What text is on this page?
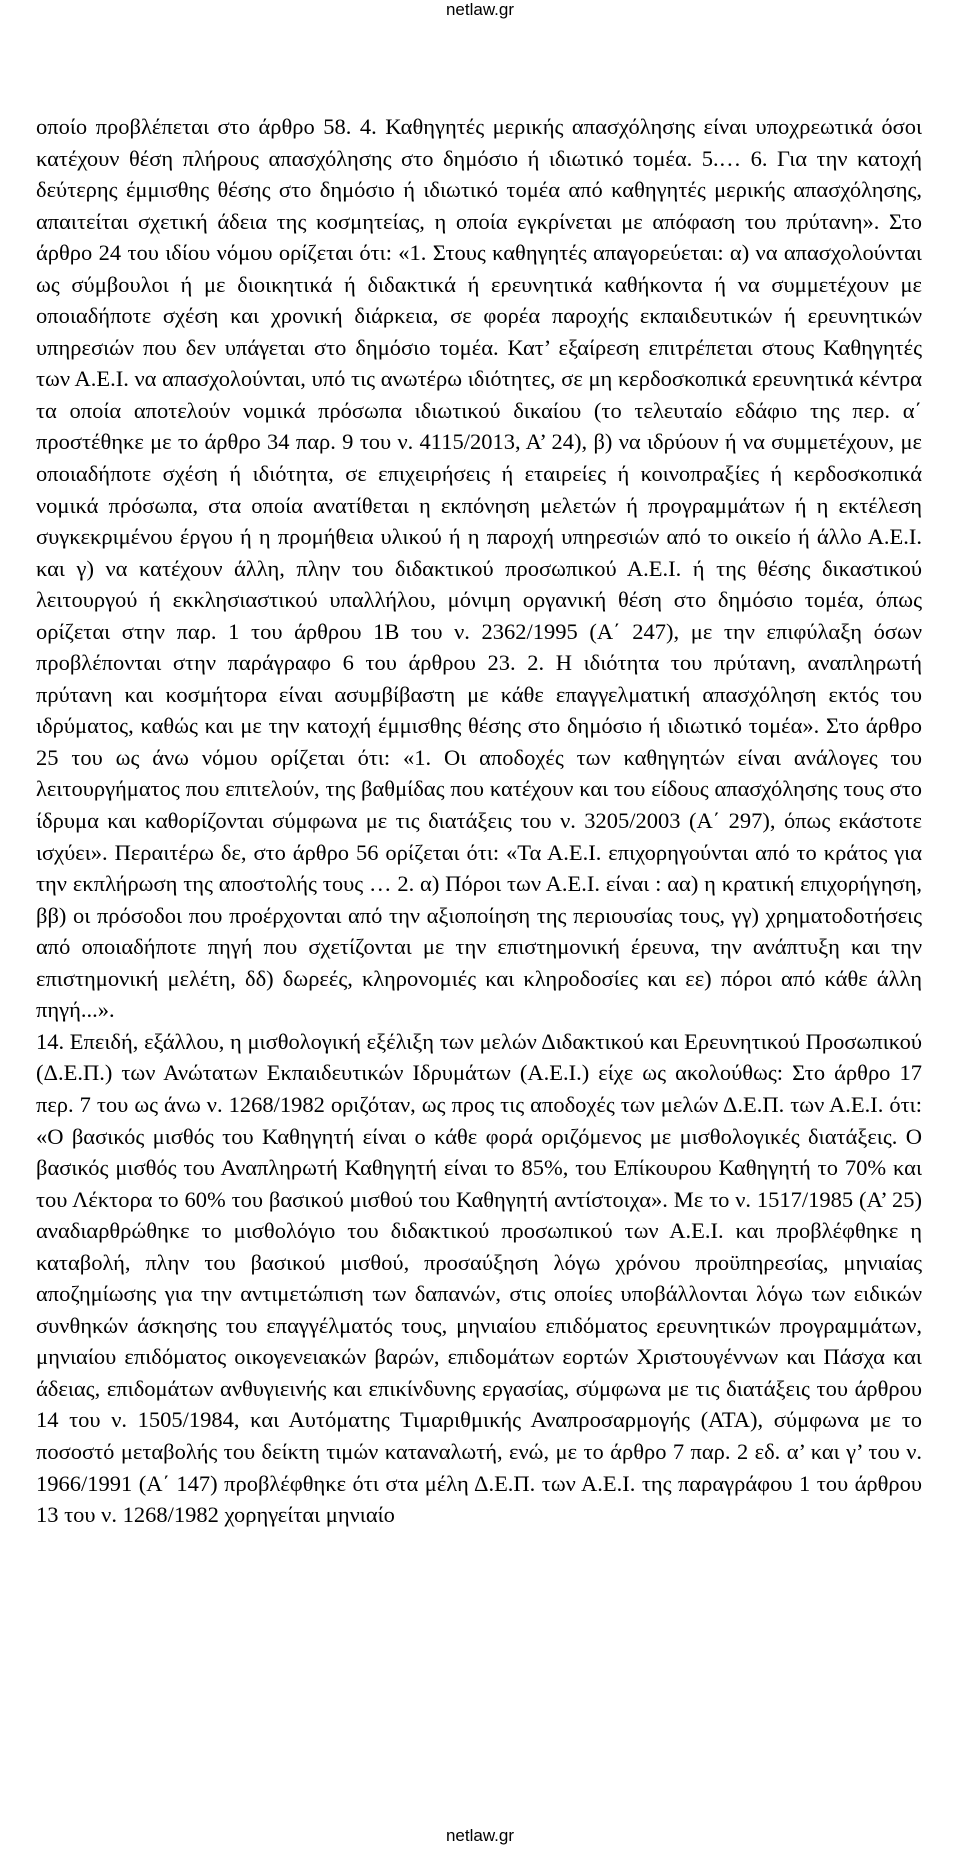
netlaw.gr

οποίο προβλέπεται στο άρθρο 58. 4. Καθηγητές μερικής απασχόλησης είναι υποχρεωτικά όσοι κατέχουν θέση πλήρους απασχόλησης στο δημόσιο ή ιδιωτικό τομέα. 5.… 6. Για την κατοχή δεύτερης έμμισθης θέσης στο δημόσιο ή ιδιωτικό τομέα από καθηγητές μερικής απασχόλησης, απαιτείται σχετική άδεια της κοσμητείας, η οποία εγκρίνεται με απόφαση του πρύτανη». Στο άρθρο 24 του ιδίου νόμου ορίζεται ότι: «1. Στους καθηγητές απαγορεύεται: α) να απασχολούνται ως σύμβουλοι ή με διοικητικά ή διδακτικά ή ερευνητικά καθήκοντα ή να συμμετέχουν με οποιαδήποτε σχέση και χρονική διάρκεια, σε φορέα παροχής εκπαιδευτικών ή ερευνητικών υπηρεσιών που δεν υπάγεται στο δημόσιο τομέα. Κατ’ εξαίρεση επιτρέπεται στους Καθηγητές των Α.Ε.Ι. να απασχολούνται, υπό τις ανωτέρω ιδιότητες, σε μη κερδοσκοπικά ερευνητικά κέντρα τα οποία αποτελούν νομικά πρόσωπα ιδιωτικού δικαίου (το τελευταίο εδάφιο της περ. α΄ προστέθηκε με το άρθρο 34 παρ. 9 του ν. 4115/2013, Α’ 24), β) να ιδρύουν ή να συμμετέχουν, με οποιαδήποτε σχέση ή ιδιότητα, σε επιχειρήσεις ή εταιρείες ή κοινοπραξίες ή κερδοσκοπικά νομικά πρόσωπα, στα οποία ανατίθεται η εκπόνηση μελετών ή προγραμμάτων ή η εκτέλεση συγκεκριμένου έργου ή η προμήθεια υλικού ή η παροχή υπηρεσιών από το οικείο ή άλλο Α.Ε.Ι. και γ) να κατέχουν άλλη, πλην του διδακτικού προσωπικού Α.Ε.Ι. ή της θέσης δικαστικού λειτουργού ή εκκλησιαστικού υπαλλήλου, μόνιμη οργανική θέση στο δημόσιο τομέα, όπως ορίζεται στην παρ. 1 του άρθρου 1Β του ν. 2362/1995 (Α΄ 247), με την επιφύλαξη όσων προβλέπονται στην παράγραφο 6 του άρθρου 23. 2. Η ιδιότητα του πρύτανη, αναπληρωτή πρύτανη και κοσμήτορα είναι ασυμβίβαστη με κάθε επαγγελματική απασχόληση εκτός του ιδρύματος, καθώς και με την κατοχή έμμισθης θέσης στο δημόσιο ή ιδιωτικό τομέα». Στο άρθρο 25 του ως άνω νόμου ορίζεται ότι: «1. Οι αποδοχές των καθηγητών είναι ανάλογες του λειτουργήματος που επιτελούν, της βαθμίδας που κατέχουν και του είδους απασχόλησης τους στο ίδρυμα και καθορίζονται σύμφωνα με τις διατάξεις του ν. 3205/2003 (Α΄ 297), όπως εκάστοτε ισχύει». Περαιτέρω δε, στο άρθρο 56 ορίζεται ότι: «Τα Α.Ε.Ι. επιχορηγούνται από το κράτος για την εκπλήρωση της αποστολής τους … 2. α) Πόροι των Α.Ε.Ι. είναι : αα) η κρατική επιχορήγηση, ββ) οι πρόσοδοι που προέρχονται από την αξιοποίηση της περιουσίας τους, γγ) χρηματοδοτήσεις από οποιαδήποτε πηγή που σχετίζονται με την επιστημονική έρευνα, την ανάπτυξη και την επιστημονική μελέτη, δδ) δωρεές, κληρονομιές και κληροδοσίες και εε) πόροι από κάθε άλλη πηγή...».

14. Επειδή, εξάλλου, η μισθολογική εξέλιξη των μελών Διδακτικού και Ερευνητικού Προσωπικού (Δ.Ε.Π.) των Ανώτατων Εκπαιδευτικών Ιδρυμάτων (Α.Ε.Ι.) είχε ως ακολούθως: Στο άρθρο 17 περ. 7 του ως άνω ν. 1268/1982 οριζόταν, ως προς τις αποδοχές των μελών Δ.Ε.Π. των Α.Ε.Ι. ότι: «Ο βασικός μισθός του Καθηγητή είναι ο κάθε φορά οριζόμενος με μισθολογικές διατάξεις. Ο βασικός μισθός του Αναπληρωτή Καθηγητή είναι το 85%, του Επίκουρου Καθηγητή το 70% και του Λέκτορα το 60% του βασικού μισθού του Καθηγητή αντίστοιχα». Με το ν. 1517/1985 (Α’ 25) αναδιαρθρώθηκε το μισθολόγιο του διδακτικού προσωπικού των Α.Ε.Ι. και προβλέφθηκε η καταβολή, πλην του βασικού μισθού, προσαύξηση λόγω χρόνου προϋπηρεσίας, μηνιαίας αποζημίωσης για την αντιμετώπιση των δαπανών, στις οποίες υποβάλλονται λόγω των ειδικών συνθηκών άσκησης του επαγγέλματός τους, μηνιαίου επιδόματος ερευνητικών προγραμμάτων, μηνιαίου επιδόματος οικογενειακών βαρών, επιδομάτων εορτών Χριστουγέννων και Πάσχα και άδειας, επιδομάτων ανθυγιεινής και επικίνδυνης εργασίας, σύμφωνα με τις διατάξεις του άρθρου 14 του ν. 1505/1984, και Αυτόματης Τιμαριθμικής Αναπροσαρμογής (ΑΤΑ), σύμφωνα με το ποσοστό μεταβολής του δείκτη τιμών καταναλωτή, ενώ, με το άρθρο 7 παρ. 2 εδ. α’ και γ’ του ν. 1966/1991 (Α΄ 147) προβλέφθηκε ότι στα μέλη Δ.Ε.Π. των Α.Ε.Ι. της παραγράφου 1 του άρθρου 13 του ν. 1268/1982 χορηγείται μηνιαίο

netlaw.gr
